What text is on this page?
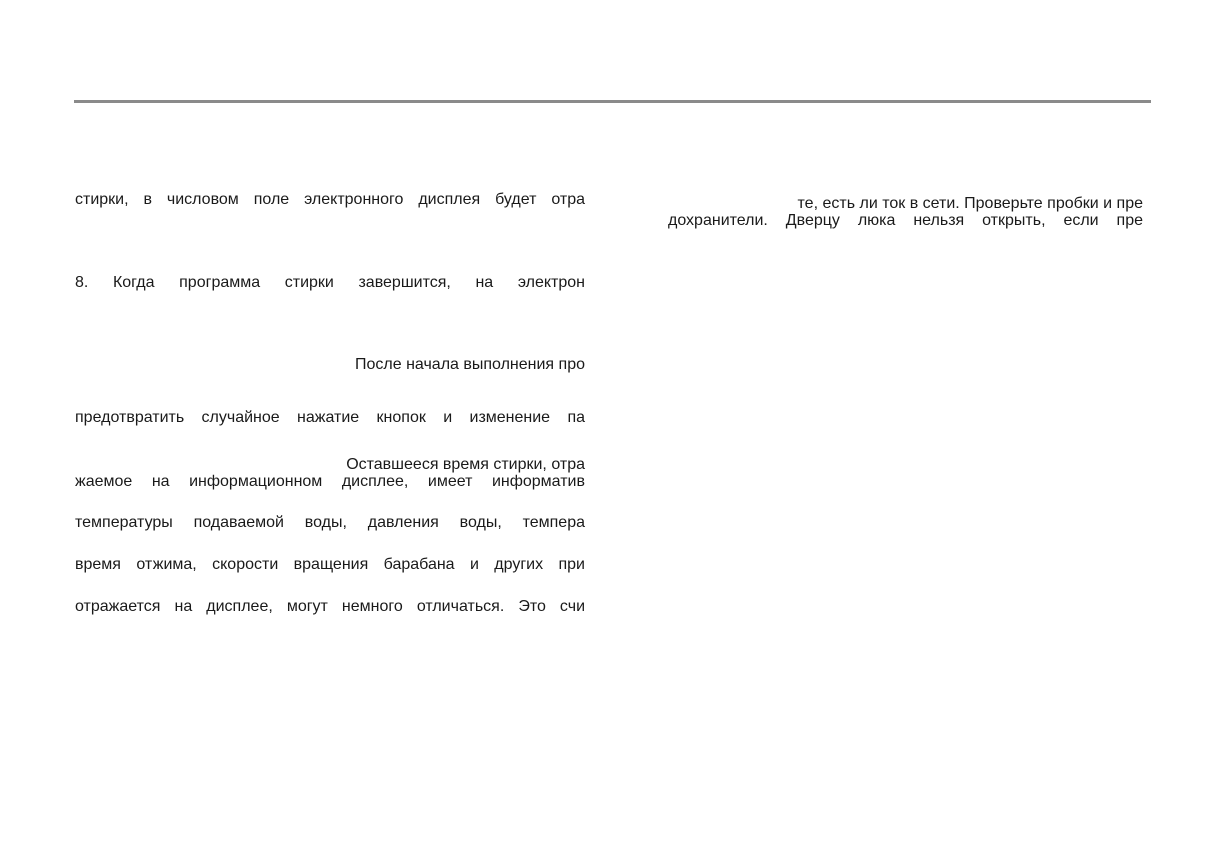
стирки, в числовом поле электронного дисплея будет отра
8. Когда программа стирки завершится, на электрон
После начала выполнения про
предотвратить случайное нажатие кнопок и изменение па
Оставшееся время стирки, отра
жаемое на информационном дисплее, имеет информатив
температуры подаваемой воды, давления воды, темпера
время отжима, скорости вращения барабана и других при
отражается на дисплее, могут немного отличаться. Это счи
те, есть ли ток в сети. Проверьте пробки и пре
дохранители. Дверцу люка нельзя открыть, если пре
